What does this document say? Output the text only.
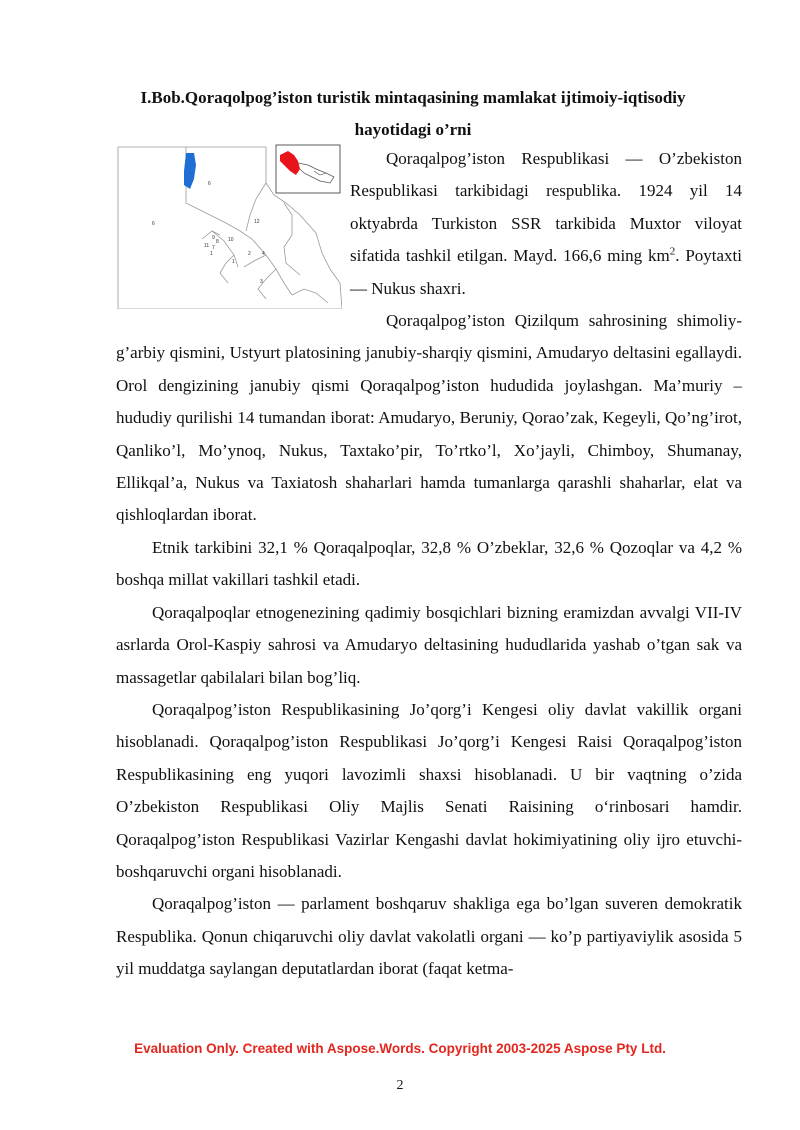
I.Bob.Qoraqolpog’iston turistik mintaqasining mamlakat ijtimoiy-iqtisodiy
hayotidagi o’rni
6
6	12
9
8 10
7
11
1	2 4
1
3

Qoraqalpog’iston Respublikasi — O’zbekiston Respublikasi tarkibidagi respublika. 1924 yil 14 oktyabrda Turkiston SSR tarkibida Muxtor viloyat sifatida tashkil etilgan. Mayd. 166,6 ming $km^2$. Poytaxti — Nukus shaxri.

Qoraqalpog’iston Qizilqum sahrosining shimoliy-g’arbiy qismini, Ustyurt platosining janubiy-sharqiy qismini, Amudaryo deltasini egallaydi. Orol dengizining janubiy qismi Qoraqalpog’iston hududida joylashgan. Ma’muriy – hududiy qurilishi 14 tumandan iborat: Amudaryo, Beruniy, Qorao’zak, Kegeyli, Qo’ng’irot, Qanliko’l, Mo’ynoq, Nukus, Taxtako’pir, To’rtko’l, Xo’jayli, Chimboy, Shumanay, Ellikqal’a, Nukus va Taxiatosh shaharlari hamda tumanlarga qarashli shaharlar, elat va qishloqlardan iborat.

Etnik tarkibini 32,1 % Qoraqalpoqlar, 32,8 % O’zbeklar, 32,6 % Qozoqlar va 4,2 % boshqa millat vakillari tashkil etadi.

Qoraqalpoqlar etnogenezining qadimiy bosqichlari bizning eramizdan avvalgi VII-IV asrlarda Orol-Kaspiy sahrosi va Amudaryo deltasining hududlarida yashab o’tgan sak va massagetlar qabilalari bilan bog’liq.

Qoraqalpog’iston Respublikasining Jo’qorg’i Kengesi oliy davlat vakillik organi hisoblanadi. Qoraqalpog’iston Respublikasi Jo’qorg’i Kengesi Raisi Qoraqalpog’iston Respublikasining eng yuqori lavozimli shaxsi hisoblanadi. U bir vaqtning o’zida O’zbekiston Respublikasi Oliy Majlis Senati Raisining o‘rinbosari hamdir. Qoraqalpog’iston Respublikasi Vazirlar Kengashi davlat hokimiyatining oliy ijro etuvchi-boshqaruvchi organi hisoblanadi.

Qoraqalpog’iston — parlament boshqaruv shakliga ega bo’lgan suveren demokratik Respublika. Qonun chiqaruvchi oliy davlat vakolatli organi — ko’p partiyaviylik asosida 5 yil muddatga saylangan deputatlardan iborat (faqat ketma-

Evaluation Only. Created with Aspose.Words. Copyright 2003-2025 Aspose Pty Ltd.
2
